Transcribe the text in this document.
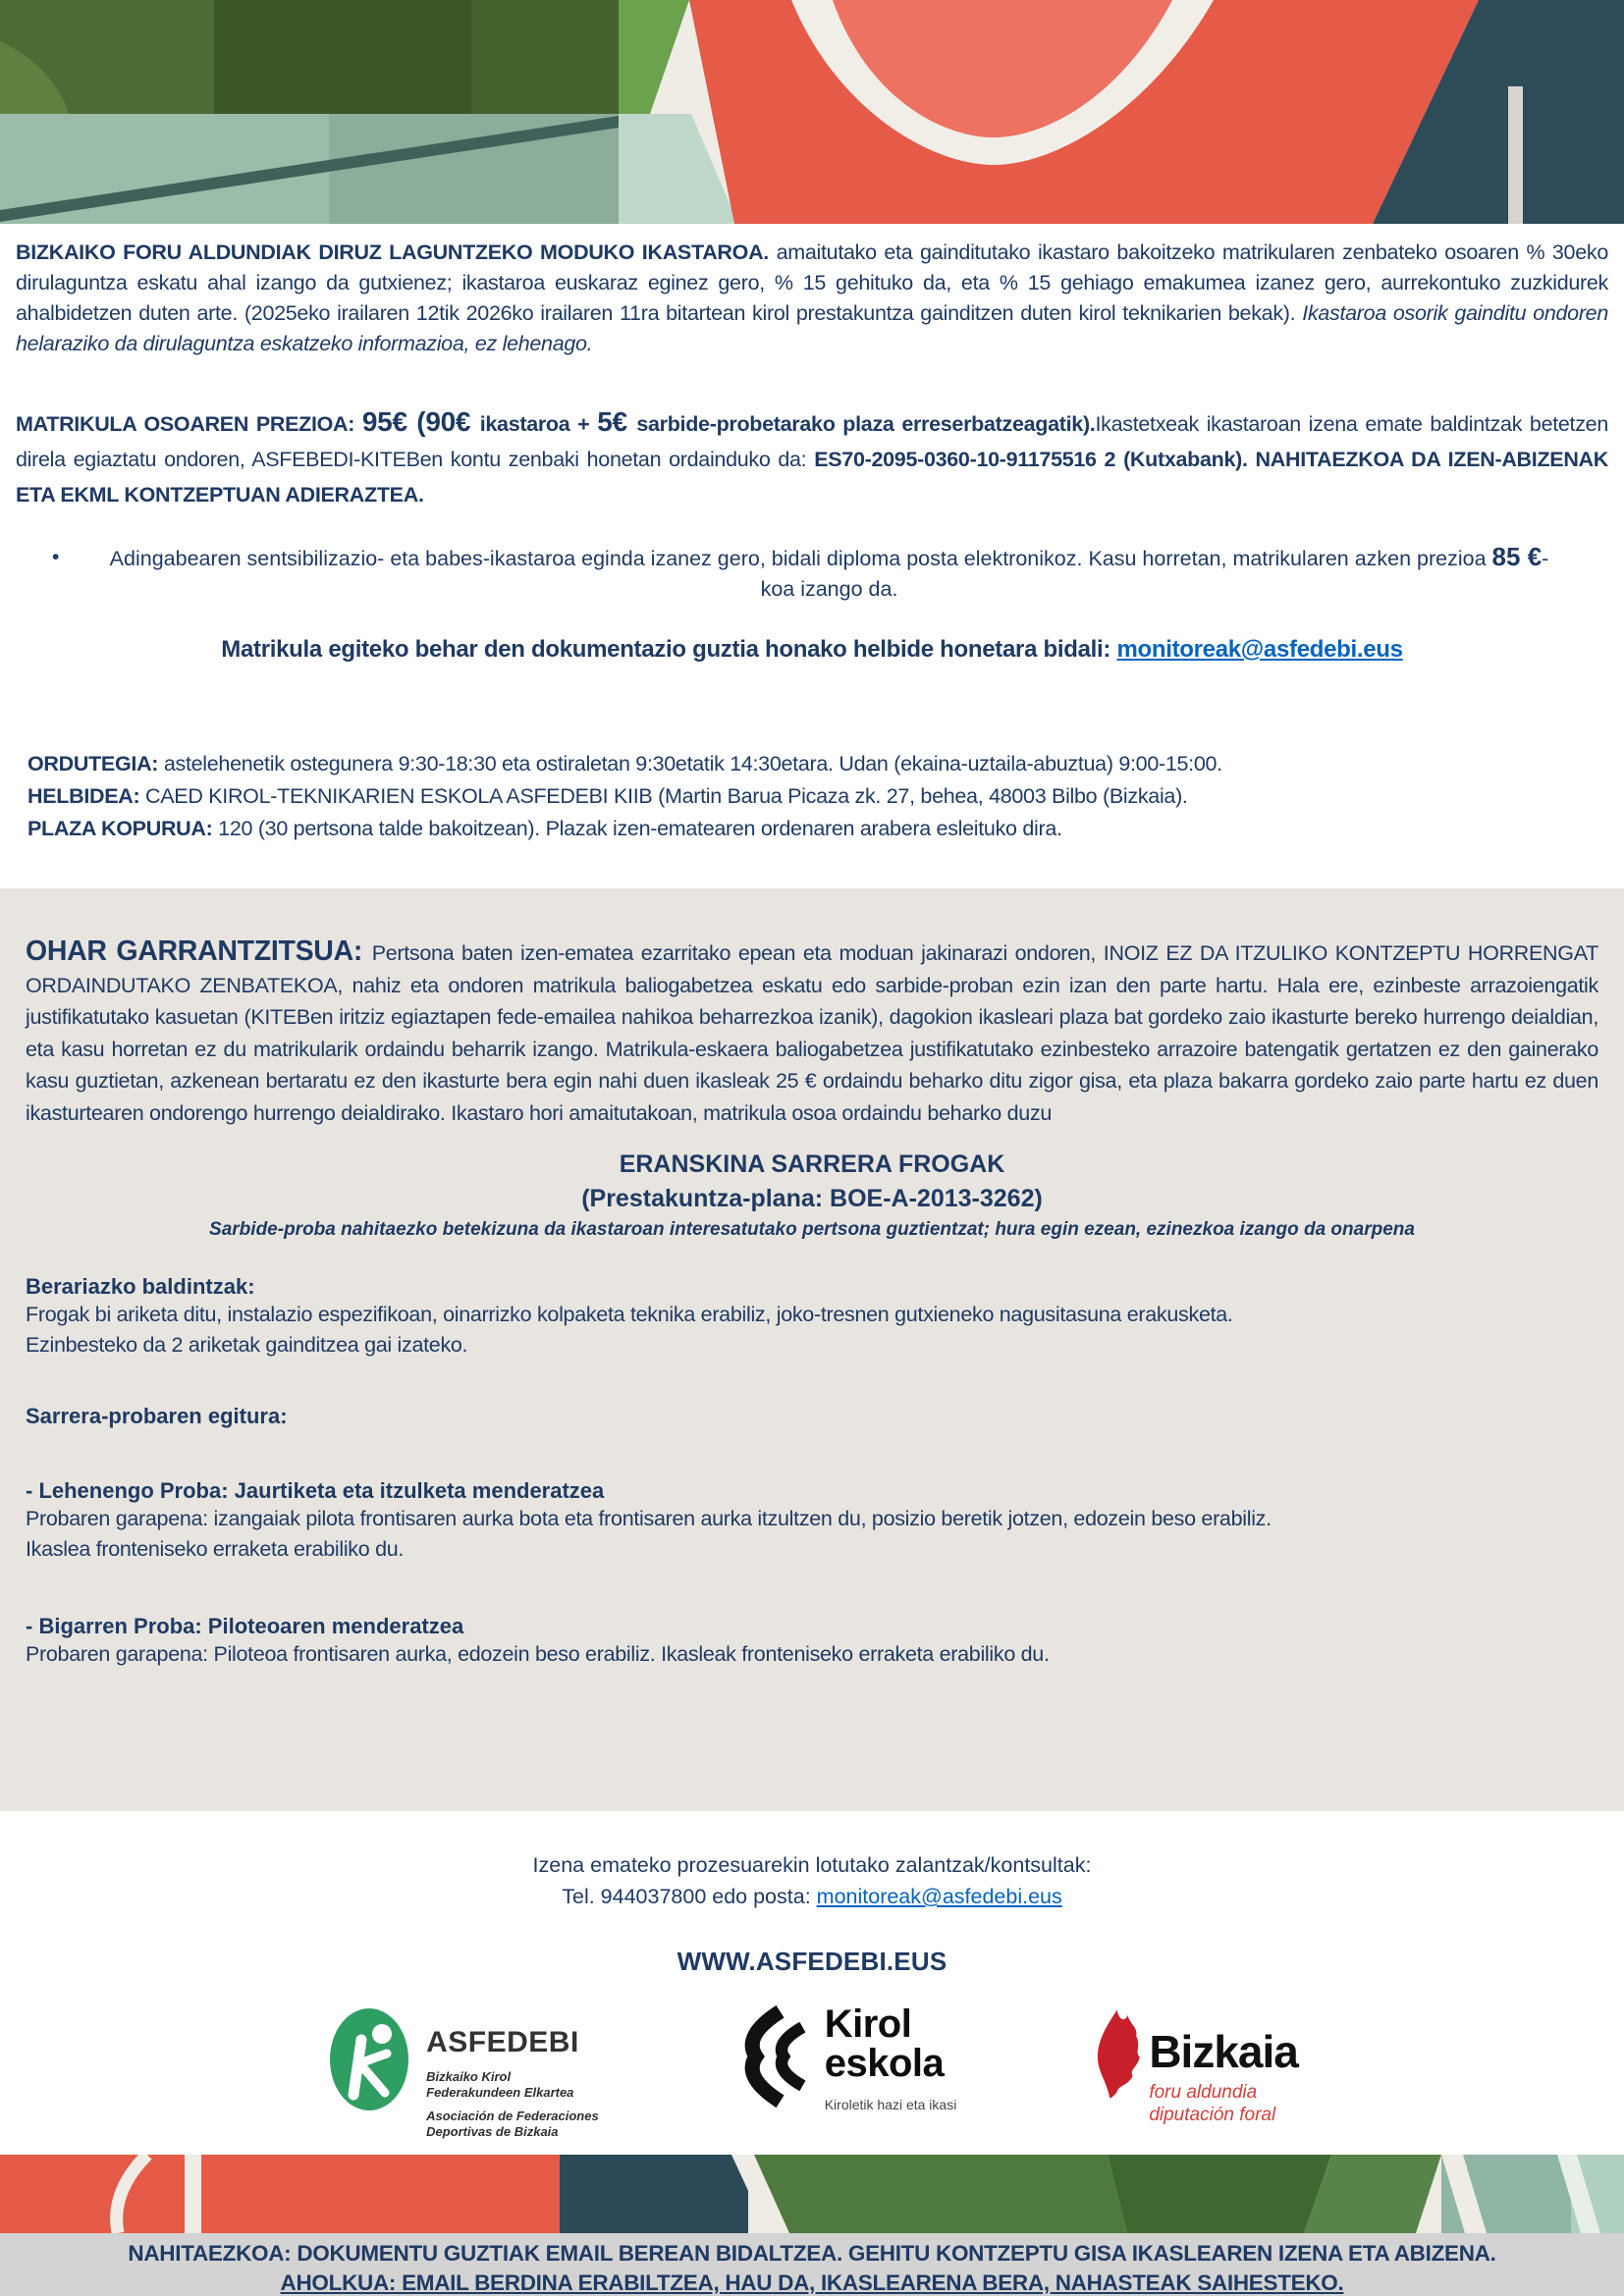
BIZKAIKO FORU ALDUNDIAK DIRUZ LAGUNTZEKO MODUKO IKASTAROA. amaitutako eta gainditutako ikastaro bakoitzeko matrikularen zenbateko osoaren % 30eko dirulaguntza eskatu ahal izango da gutxienez; ikastaroa euskaraz eginez gero, % 15 gehituko da, eta % 15 gehiago emakumea izanez gero, aurrekontuko zuzkidurek ahalbidetzen duten arte. (2025eko irailaren 12tik 2026ko irailaren 11ra bitartean kirol prestakuntza gainditzen duten kirol teknikarien bekak). Ikastaroa osorik gainditu ondoren helaraziko da dirulaguntza eskatzeko informazioa, ez lehenago.

MATRIKULA OSOAREN PREZIOA: 95€ (90€ ikastaroa + 5€ sarbide-probetarako plaza erreserbatzeagatik).Ikastetxeak ikastaroan izena emate baldintzak betetzen direla egiaztatu ondoren, ASFEBEDI-KITEBen kontu zenbaki honetan ordainduko da: ES70-2095-0360-10-91175516 2 (Kutxabank). NAHITAEZKOA DA IZEN-ABIZENAK ETA EKML KONTZEPTUAN ADIERAZTEA.

• Adingabearen sentsibilizazio- eta babes-ikastaroa eginda izanez gero, bidali diploma posta elektronikoz. Kasu horretan, matrikularen azken prezioa 85 €-koa izango da.
Matrikula egiteko behar den dokumentazio guztia honako helbide honetara bidali: monitoreak@asfedebi.eus
ORDUTEGIA: astelehenetik ostegunera 9:30-18:30 eta ostiraletan 9:30etatik 14:30etara. Udan (ekaina-uztaila-abuztua) 9:00-15:00.
HELBIDEA: CAED KIROL-TEKNIKARIEN ESKOLA ASFEDEBI KIIB (Martin Barua Picaza zk. 27, behea, 48003 Bilbo (Bizkaia).
PLAZA KOPURUA: 120 (30 pertsona talde bakoitzean). Plazak izen-ematearen ordenaren arabera esleituko dira.

OHAR GARRANTZITSUA: Pertsona baten izen-ematea ezarritako epean eta moduan jakinarazi ondoren, INOIZ EZ DA ITZULIKO KONTZEPTU HORRENGAT ORDAINDUTAKO ZENBATEKOA, nahiz eta ondoren matrikula baliogabetzea eskatu edo sarbide-proban ezin izan den parte hartu. Hala ere, ezinbeste arrazoiengatik justifikatutako kasuetan (KITEBen iritziz egiaztapen fede-emailea nahikoa beharrezkoa izanik), dagokion ikasleari plaza bat gordeko zaio ikasturte bereko hurrengo deialdian, eta kasu horretan ez du matrikularik ordaindu beharrik izango. Matrikula-eskaera baliogabetzea justifikatutako ezinbesteko arrazoire batengatik gertatzen ez den gainerako kasu guztietan, azkenean bertaratu ez den ikasturte bera egin nahi duen ikasleak 25 € ordaindu beharko ditu zigor gisa, eta plaza bakarra gordeko zaio parte hartu ez duen ikasturtearen ondorengo hurrengo deialdirako. Ikastaro hori amaitutakoan, matrikula osoa ordaindu beharko duzu

ERANSKINA SARRERA FROGAK
(Prestakuntza-plana: BOE-A-2013-3262)
Sarbide-proba nahitaezko betekizuna da ikastaroan interesatutako pertsona guztientzat; hura egin ezean, ezinezkoa izango da onarpena
Berariazko baldintzak:
Frogak bi ariketa ditu, instalazio espezifikoan, oinarrizko kolpaketa teknika erabiliz, joko-tresnen gutxieneko nagusitasuna erakusketa.
Ezinbesteko da 2 ariketak gainditzea gai izateko.
Sarrera-probaren egitura:
- Lehenengo Proba: Jaurtiketa eta itzulketa menderatzea
Probaren garapena: izangaiak pilota frontisaren aurka bota eta frontisaren aurka itzultzen du, posizio beretik jotzen, edozein beso erabiliz.
Ikaslea fronteniseko erraketa erabiliko du.
- Bigarren Proba: Piloteoaren menderatzea
Probaren garapena: Piloteoa frontisaren aurka, edozein beso erabiliz. Ikasleak fronteniseko erraketa erabiliko du.
Izena emateko prozesuarekin lotutako zalantzak/kontsultak:
Tel. 944037800 edo posta: monitoreak@asfedebi.eus
WWW.ASFEDEBI.EUS
ASFEDEBI
Bizkaiko Kirol
Federakundeen Elkartea
Asociación de Federaciones
Deportivas de Bizkaia
Kirol
eskola
Kiroletik hazi eta ikasi
Bizkaia
foru aldundia
diputación foral
NAHITAEZKOA: DOKUMENTU GUZTIAK EMAIL BEREAN BIDALTZEA. GEHITU KONTZEPTU GISA IKASLEAREN IZENA ETA ABIZENA.
AHOLKUA: EMAIL BERDINA ERABILTZEA, HAU DA, IKASLEARENA BERA, NAHASTEAK SAIHESTEKO.
